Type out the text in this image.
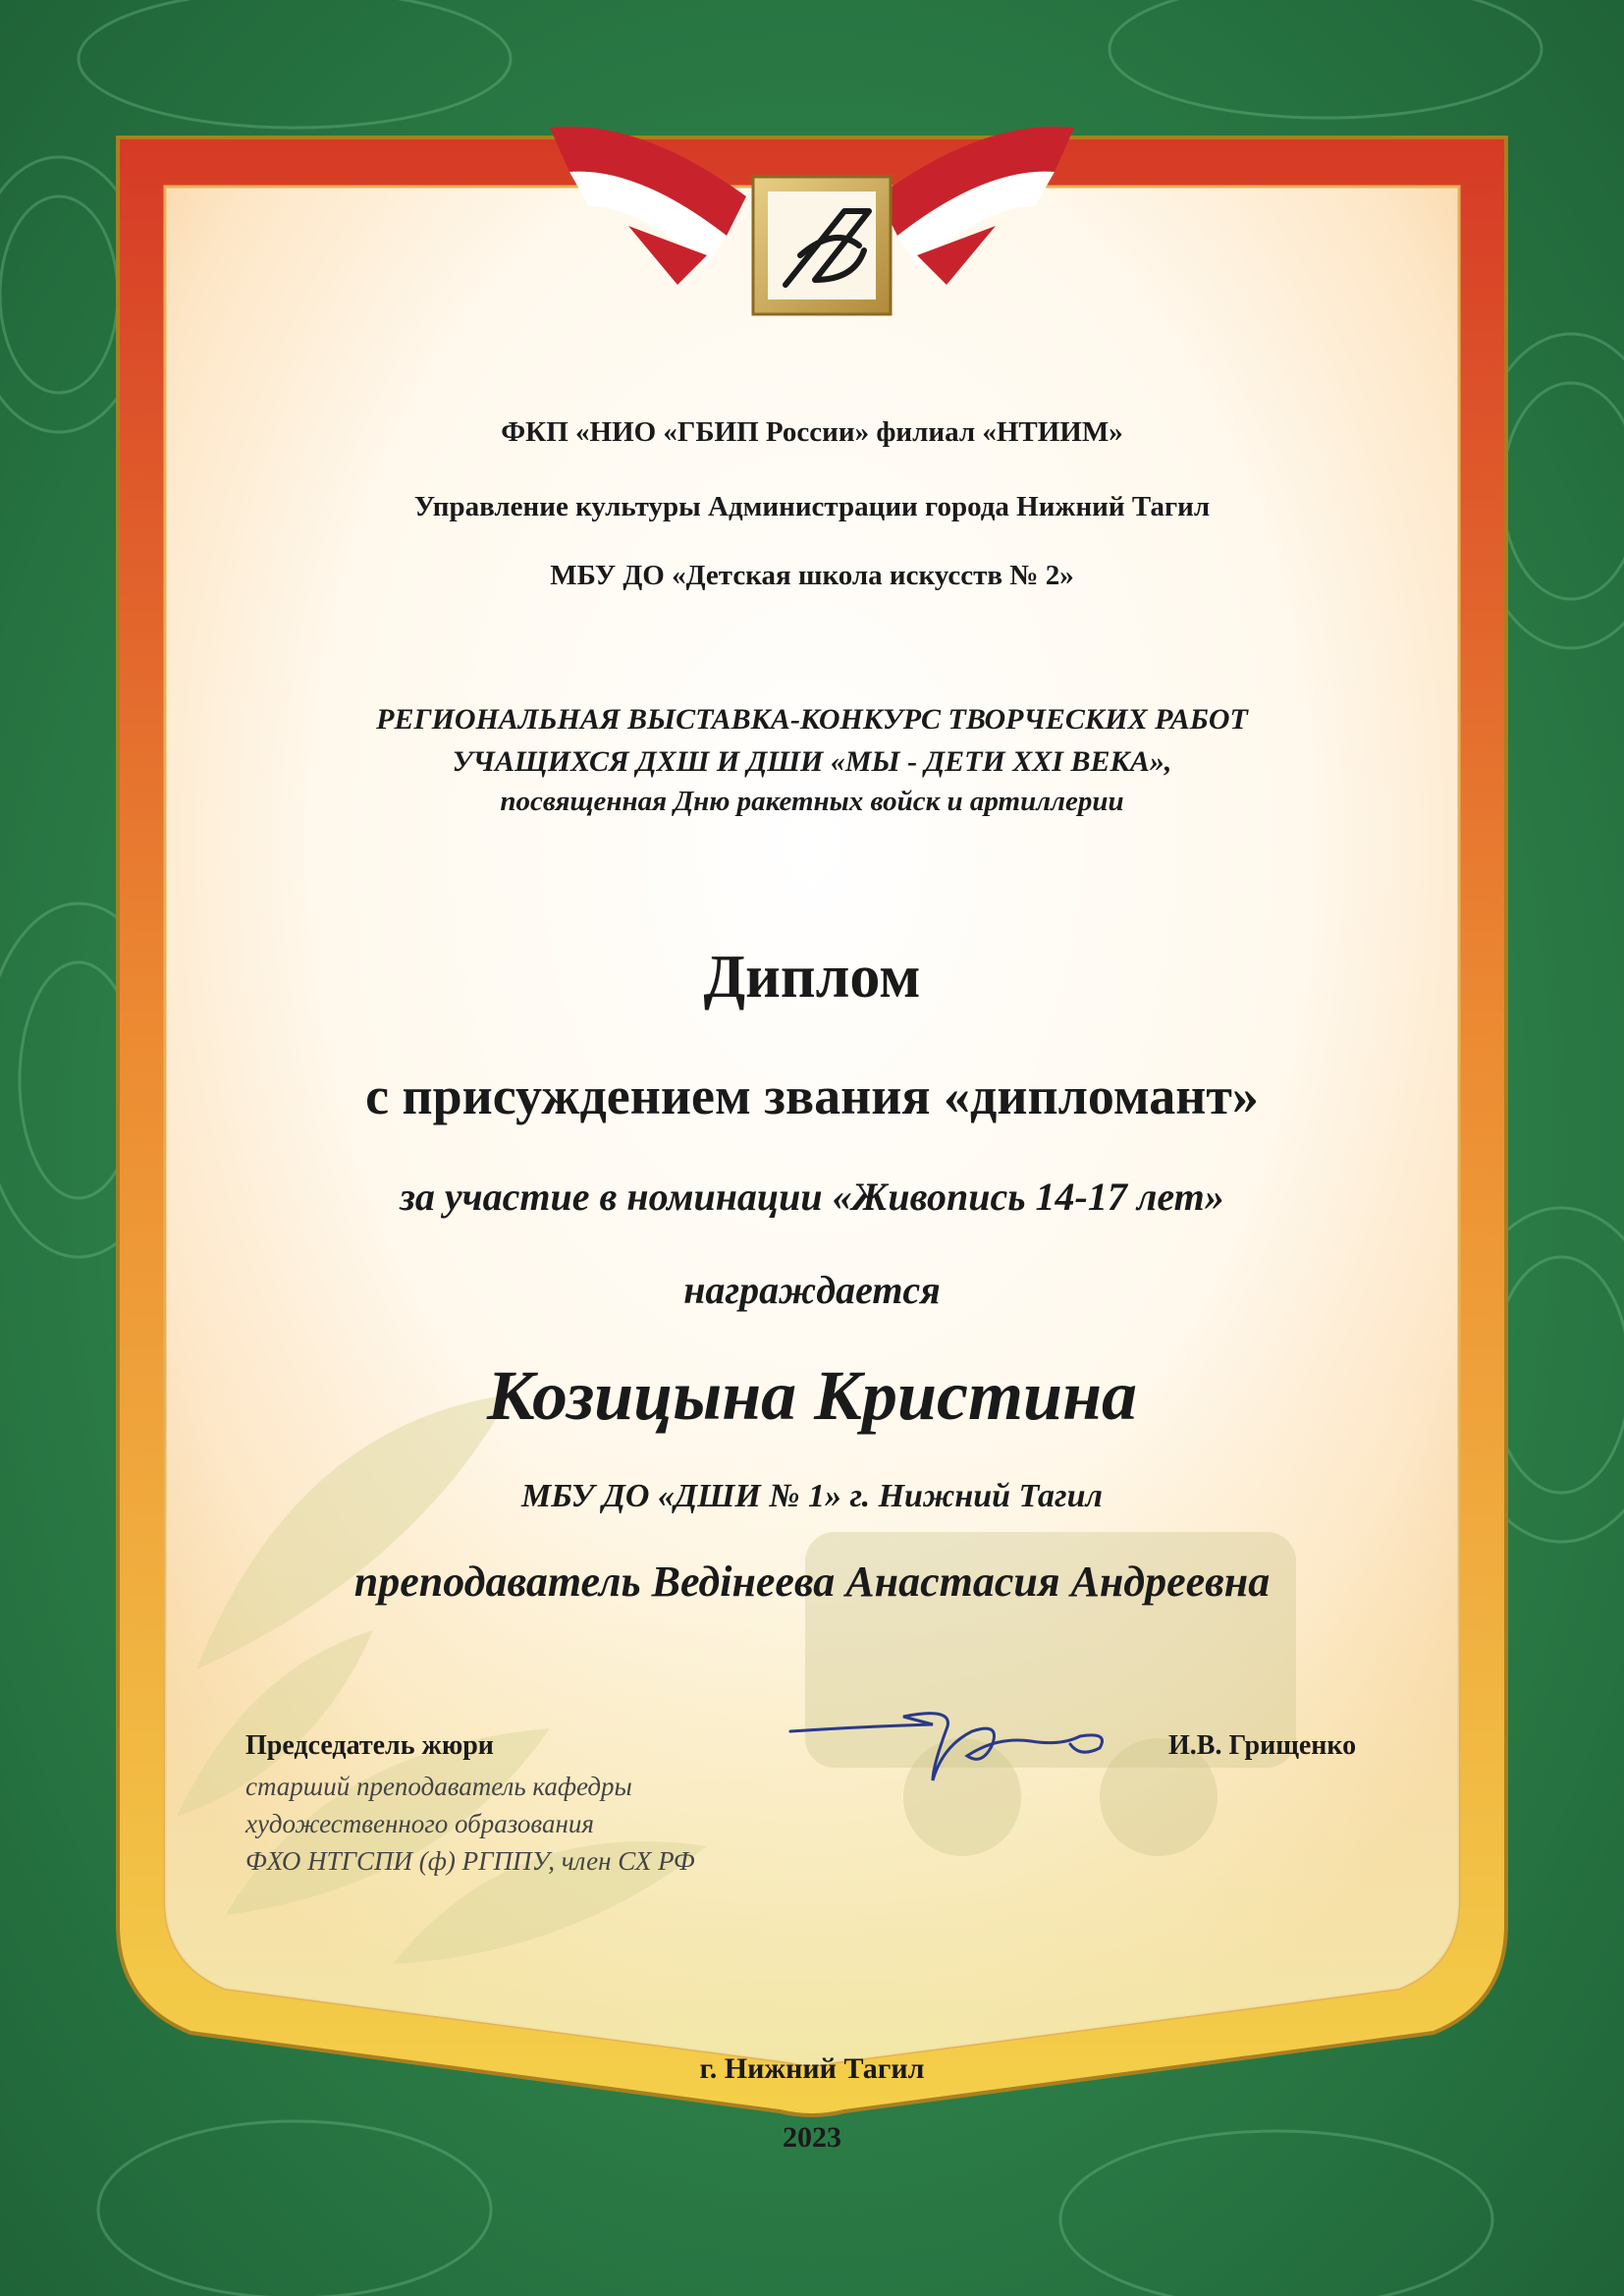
ФКП «НИО «ГБИП России» филиал «НТИИМ»

Управление культуры Администрации города Нижний Тагил

МБУ ДО «Детская школа искусств № 2»

РЕГИОНАЛЬНАЯ ВЫСТАВКА-КОНКУРС ТВОРЧЕСКИХ РАБОТ

УЧАЩИХСЯ ДХШ И ДШИ «МЫ - ДЕТИ XXI ВЕКА»,

посвященная Дню ракетных войск и артиллерии

Диплом

с присуждением звания «дипломант»

за участие в номинации «Живопись 14-17 лет»

награждается

Козицына Кристина

МБУ ДО «ДШИ № 1» г. Нижний Тагил

преподаватель Ведінеева Анастасия Андреевна

Председатель жюри

старший преподаватель кафедры

художественного образования

ФХО НТГСПИ (ф) РГППУ, член СХ РФ

И.В. Грищенко

г. Нижний Тагил

2023
